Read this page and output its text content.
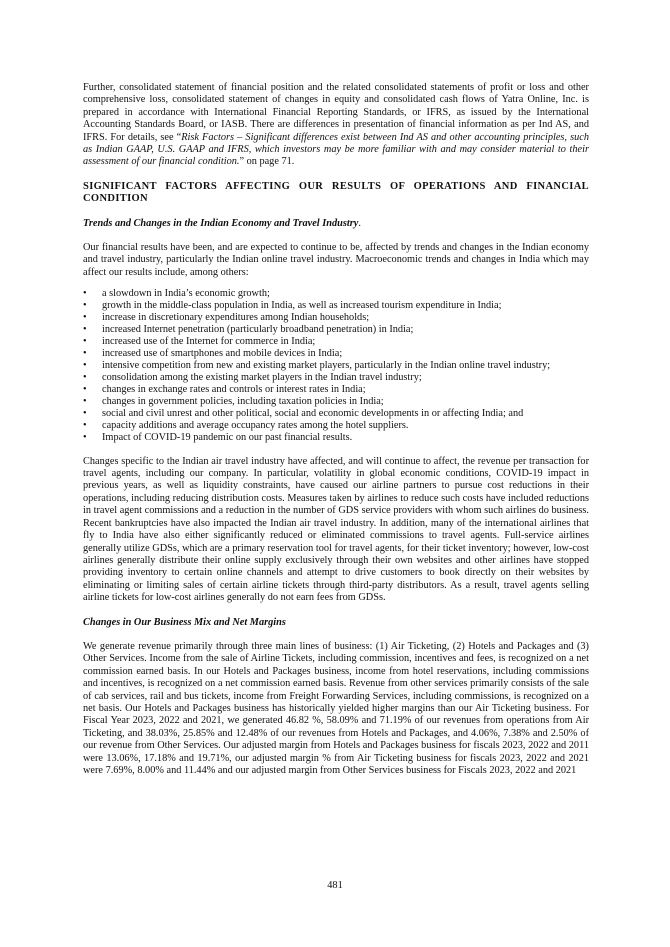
Further, consolidated statement of financial position and the related consolidated statements of profit or loss and other comprehensive loss, consolidated statement of changes in equity and consolidated cash flows of Yatra Online, Inc. is prepared in accordance with International Financial Reporting Standards, or IFRS, as issued by the International Accounting Standards Board, or IASB. There are differences in presentation of financial information as per Ind AS, and IFRS. For details, see “Risk Factors – Significant differences exist between Ind AS and other accounting principles, such as Indian GAAP, U.S. GAAP and IFRS, which investors may be more familiar with and may consider material to their assessment of our financial condition.” on page 71.

SIGNIFICANT FACTORS AFFECTING OUR RESULTS OF OPERATIONS AND FINANCIAL CONDITION
Trends and Changes in the Indian Economy and Travel Industry.

Our financial results have been, and are expected to continue to be, affected by trends and changes in the Indian economy and travel industry, particularly the Indian online travel industry. Macroeconomic trends and changes in India which may affect our results include, among others:

• a slowdown in India’s economic growth;
• growth in the middle-class population in India, as well as increased tourism expenditure in India;
• increase in discretionary expenditures among Indian households;
• increased Internet penetration (particularly broadband penetration) in India;
• increased use of the Internet for commerce in India;
• increased use of smartphones and mobile devices in India;
• intensive competition from new and existing market players, particularly in the Indian online travel industry;
• consolidation among the existing market players in the Indian travel industry;
• changes in exchange rates and controls or interest rates in India;
• changes in government policies, including taxation policies in India;
• social and civil unrest and other political, social and economic developments in or affecting India; and
• capacity additions and average occupancy rates among the hotel suppliers.
• Impact of COVID-19 pandemic on our past financial results.

Changes specific to the Indian air travel industry have affected, and will continue to affect, the revenue per transaction for travel agents, including our company. In particular, volatility in global economic conditions, COVID-19 impact in previous years, as well as liquidity constraints, have caused our airline partners to pursue cost reductions in their operations, including reducing distribution costs. Measures taken by airlines to reduce such costs have included reductions in travel agent commissions and a reduction in the number of GDS service providers with whom such airlines do business. Recent bankruptcies have also impacted the Indian air travel industry. In addition, many of the international airlines that fly to India have also either significantly reduced or eliminated commissions to travel agents. Full-service airlines generally utilize GDSs, which are a primary reservation tool for travel agents, for their ticket inventory; however, low-cost airlines generally distribute their online supply exclusively through their own websites and other airlines have stopped providing inventory to certain online channels and attempt to drive customers to book directly on their websites by eliminating or limiting sales of certain airline tickets through third-party distributors. As a result, travel agents selling airline tickets for low-cost airlines generally do not earn fees from GDSs.

Changes in Our Business Mix and Net Margins

We generate revenue primarily through three main lines of business: (1) Air Ticketing, (2) Hotels and Packages and (3) Other Services. Income from the sale of Airline Tickets, including commission, incentives and fees, is recognized on a net commission earned basis. In our Hotels and Packages business, income from hotel reservations, including commissions and incentives, is recognized on a net commission earned basis. Revenue from other services primarily consists of the sale of cab services, rail and bus tickets, income from Freight Forwarding Services, including commissions, is recognized on a net basis. Our Hotels and Packages business has historically yielded higher margins than our Air Ticketing business. For Fiscal Year 2023, 2022 and 2021, we generated 46.82 %, 58.09% and 71.19% of our revenues from operations from Air Ticketing, and 38.03%, 25.85% and 12.48% of our revenues from Hotels and Packages, and 4.06%, 7.38% and 2.50% of our revenue from Other Services. Our adjusted margin from Hotels and Packages business for fiscals 2023, 2022 and 2011 were 13.06%, 17.18% and 19.71%, our adjusted margin % from Air Ticketing business for fiscals 2023, 2022 and 2021 were 7.69%, 8.00% and 11.44% and our adjusted margin from Other Services business for Fiscals 2023, 2022 and 2021

481
